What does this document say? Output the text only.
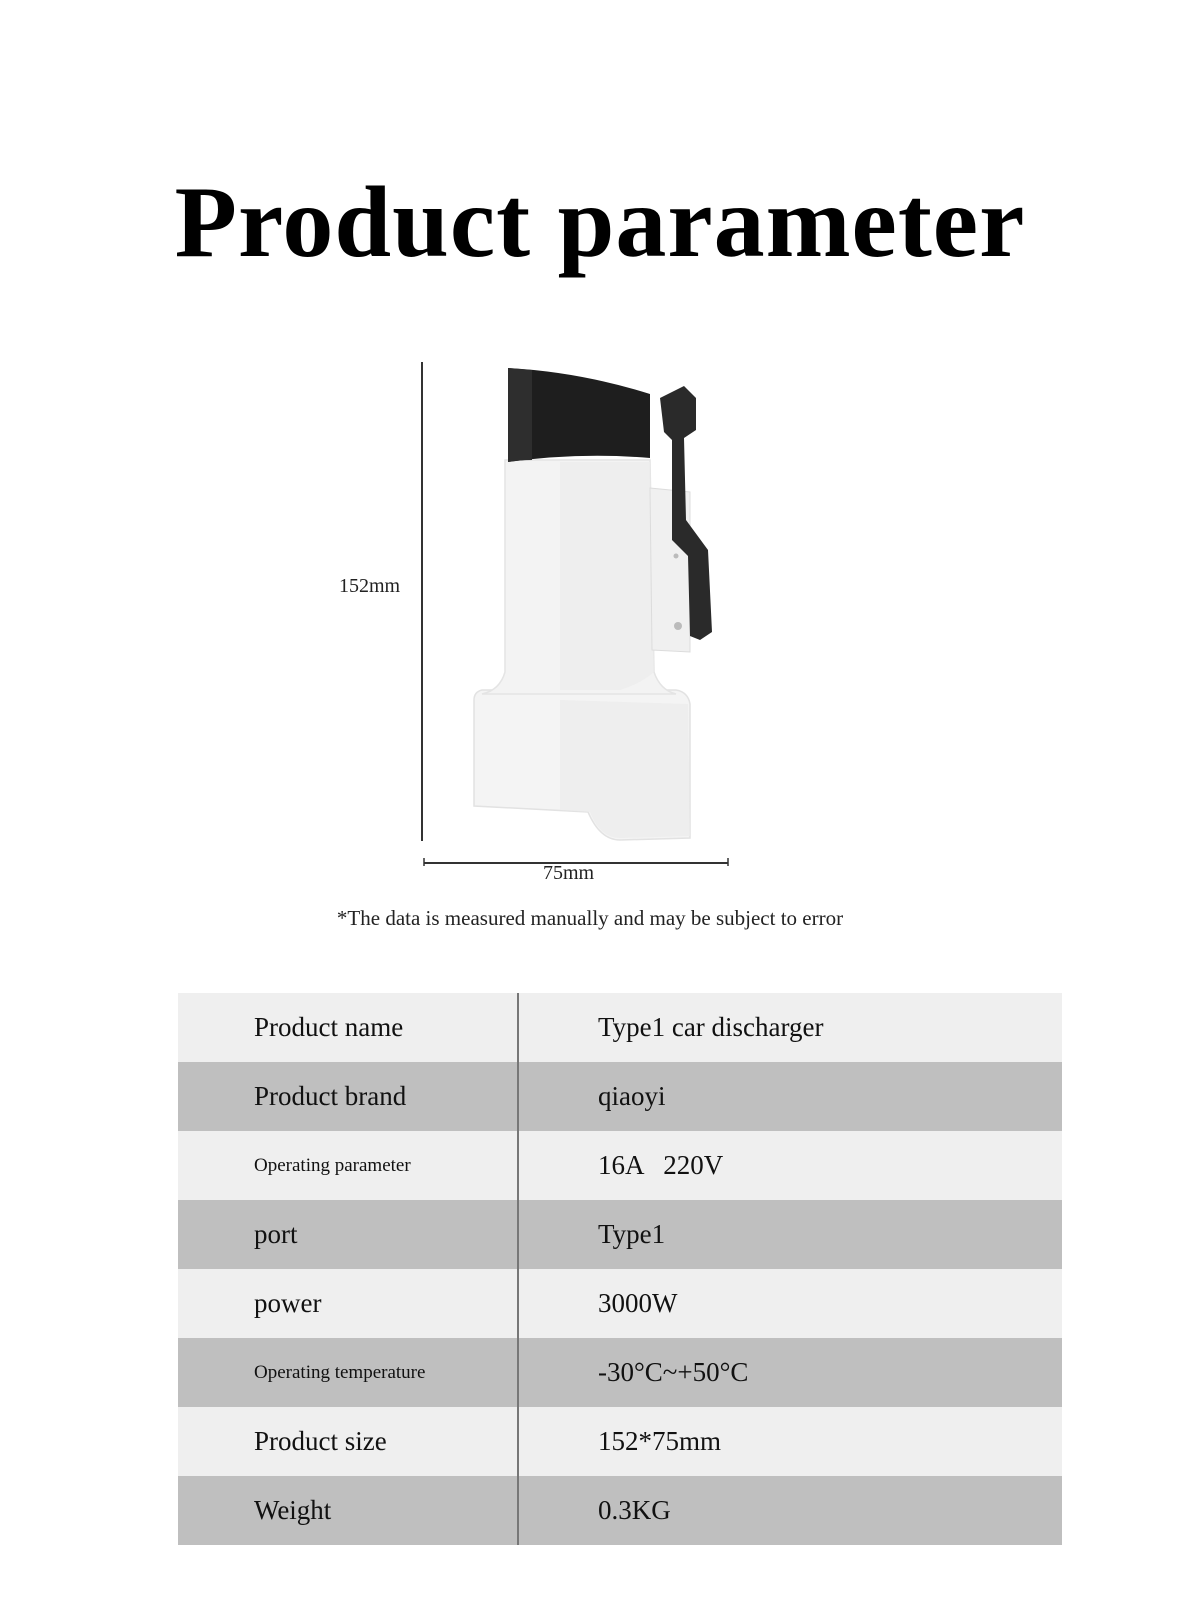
Product parameter
152mm
75mm
*The data is measured manually and may be subject to error
Product name	Type1 car discharger
Product brand	qiaoyi
Operating parameter	16A   220V
port	Type1
power	3000W
Operating temperature	-30°C~+50°C
Product size	152*75mm
Weight	0.3KG
